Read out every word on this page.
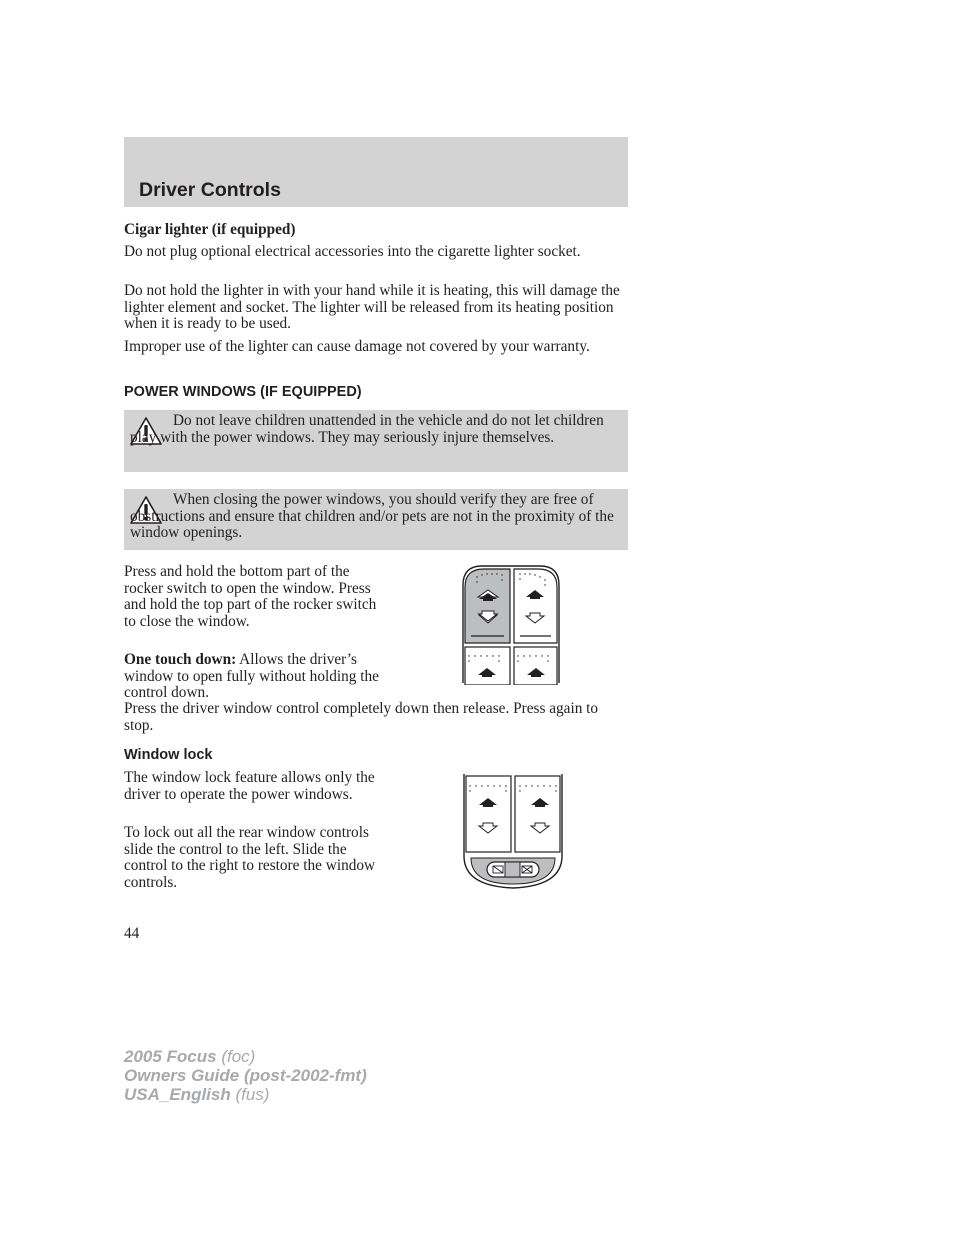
Driver Controls
Cigar lighter (if equipped)

Do not plug optional electrical accessories into the cigarette lighter socket.

Do not hold the lighter in with your hand while it is heating, this will damage the lighter element and socket. The lighter will be released from its heating position when it is ready to be used.

Improper use of the lighter can cause damage not covered by your warranty.

POWER WINDOWS (IF EQUIPPED)
Do not leave children unattended in the vehicle and do not let children play with the power windows. They may seriously injure themselves.
When closing the power windows, you should verify they are free of obstructions and ensure that children and/or pets are not in the proximity of the window openings.

Press and hold the bottom part of the rocker switch to open the window. Press and hold the top part of the rocker switch to close the window.

One touch down: Allows the driver’s window to open fully without holding the control down.

Press the driver window control completely down then release. Press again to stop.

Window lock

The window lock feature allows only the driver to operate the power windows.

To lock out all the rear window controls slide the control to the left. Slide the control to the right to restore the window controls.

44
2005 Focus (foc)
Owners Guide (post-2002-fmt)
USA_English (fus)
